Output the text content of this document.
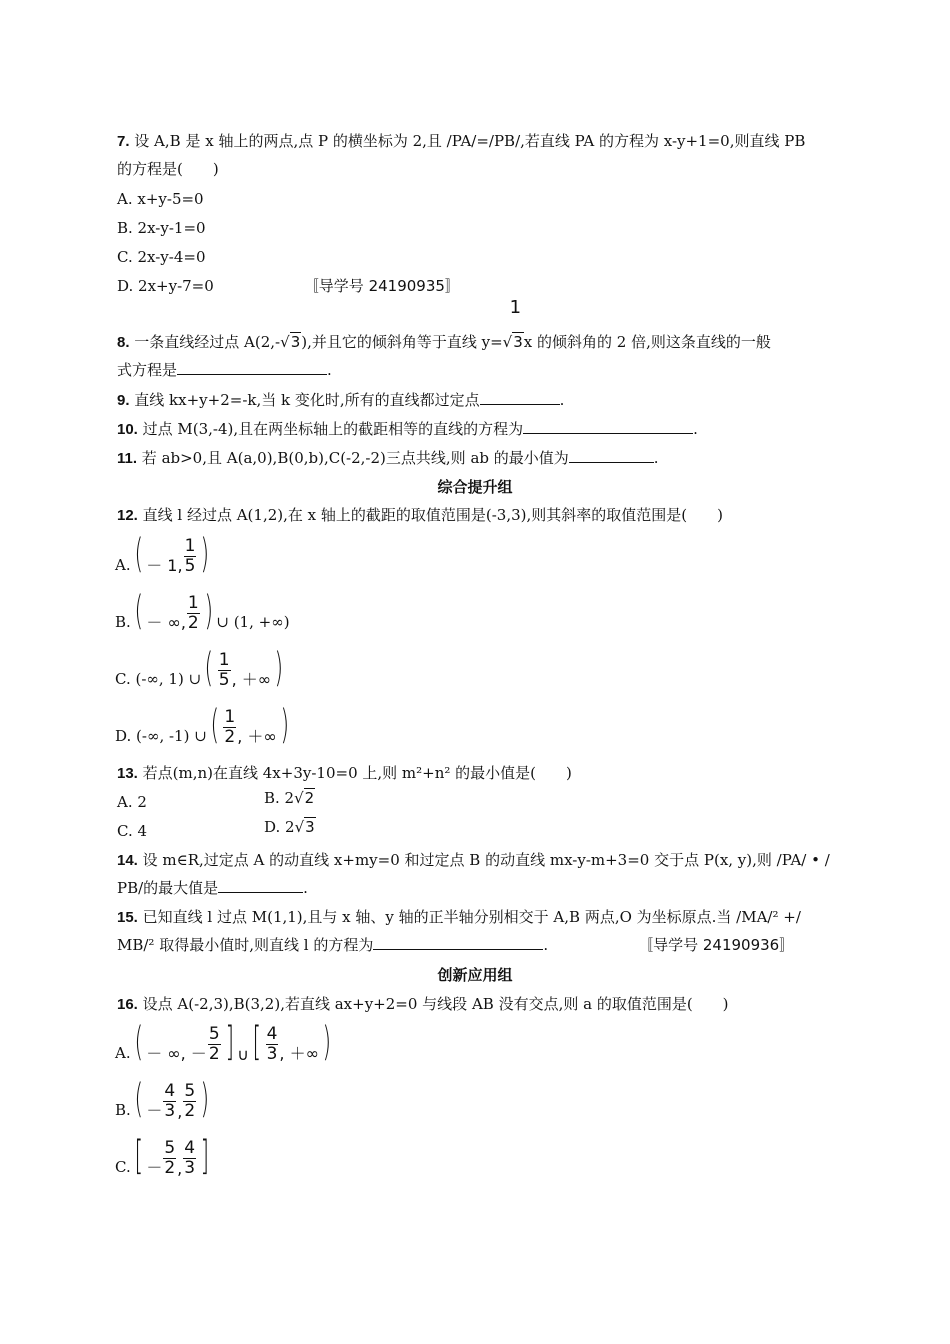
7. 设 A,B 是 x 轴上的两点,点 P 的横坐标为 2,且 /PA/=/PB/,若直线 PA 的方程为 x-y+1=0,则直线 PB
的方程是(　　)
A. x+y-5=0
B. 2x-y-1=0
C. 2x-y-4=0
D. 2x+y-7=0	〚导学号 24190935〛
8. 一条直线经过点 A(2,-√3),并且它的倾斜角等于直线 y=
1
√3x 的倾斜角的 2 倍,则这条直线的一般
式方程是	.
9. 直线 kx+y+2=-k,当 k 变化时,所有的直线都过定点	.
10. 过点 M(3,-4),且在两坐标轴上的截距相等的直线的方程为	.
11. 若 ab>0,且 A(a,0),B(0,b),C(-2,-2)三点共线,则 ab 的最小值为	.
综合提升组
12. 直线 l 经过点 A(1,2),在 x 轴上的截距的取值范围是(-3,3),则其斜率的取值范围是(　　)
A. ( － 1, $\frac{1}{5}$ )
B. ( － ∞, $\frac{1}{2}$ ) ∪ (1, +∞)
C. (-∞, 1) ∪ ( $\frac{1}{5}$ , ＋∞ )
D. (-∞, -1) ∪ ( $\frac{1}{2}$ , ＋∞ )
13. 若点(m,n)在直线 4x+3y-10=0 上,则 m²+n² 的最小值是(　　)
A. 2	B. 2√2
C. 4	D. 2√3
14. 设 m∈R,过定点 A 的动直线 x+my=0 和过定点 B 的动直线 mx-y-m+3=0 交于点 P(x, y),则 /PA/ • /
PB/的最大值是	.
15. 已知直线 l 过点 M(1,1),且与 x 轴、y 轴的正半轴分别相交于 A,B 两点,O 为坐标原点.当 /MA/² +/
MB/² 取得最小值时,则直线 l 的方程为	.	〚导学号 24190936〛
创新应用组
16. 设点 A(-2,3),B(3,2),若直线 ax+y+2=0 与线段 AB 没有交点,则 a 的取值范围是(　　)
A. ( － ∞, － $\frac{5}{2}$ ] ∪ [ $\frac{4}{3}$ , ＋∞ )
B. ( － $\frac{4}{3}$ , $\frac{5}{2}$ )
C. [ － $\frac{5}{2}$ , $\frac{4}{3}$ ]
